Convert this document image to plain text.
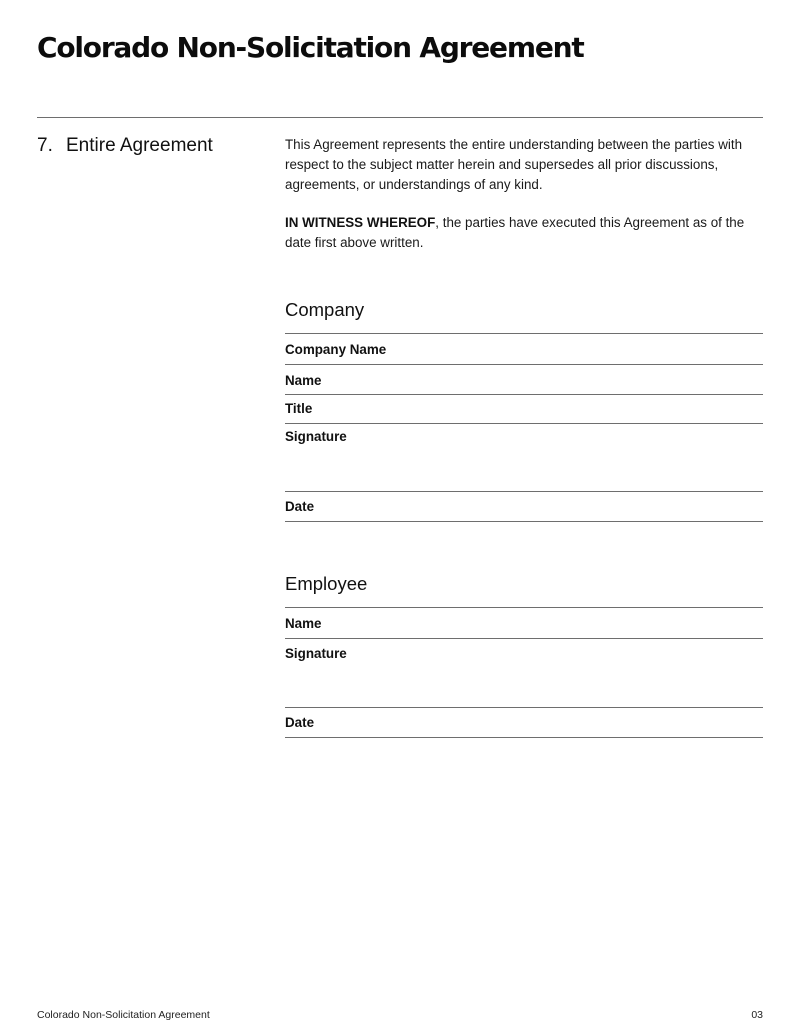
Colorado Non-Solicitation Agreement
7. Entire Agreement	This Agreement represents the entire understanding between the parties with respect to the subject matter herein and supersedes all prior discussions, agreements, or understandings of any kind.

IN WITNESS WHEREOF, the parties have executed this Agreement as of the date first above written.

Company
Company Name
Name
Title
Signature
Date
Employee
Name
Signature
Date
Colorado Non-Solicitation Agreement	03
